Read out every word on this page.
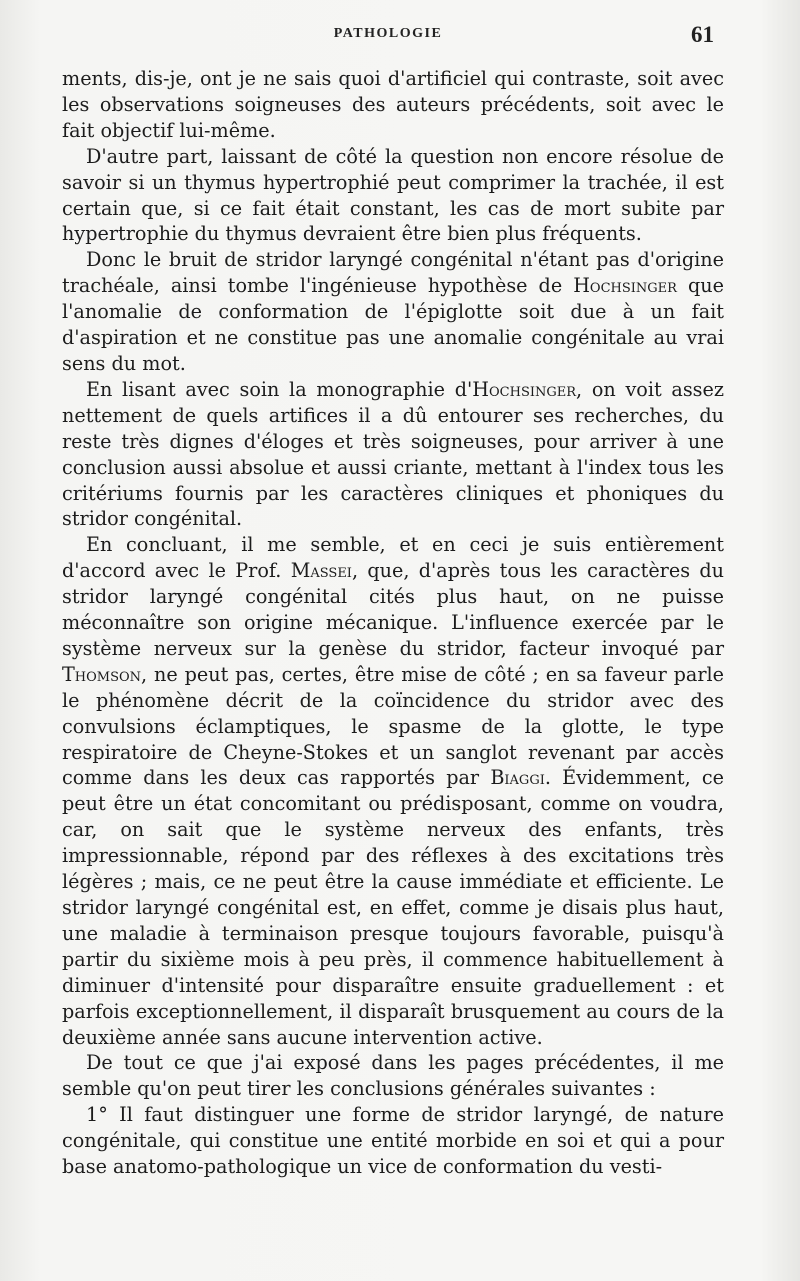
PATHOLOGIE	61

ments, dis-je, ont je ne sais quoi d'artificiel qui contraste, soit avec les observations soigneuses des auteurs précédents, soit avec le fait objectif lui-même.

D'autre part, laissant de côté la question non encore résolue de savoir si un thymus hypertrophié peut comprimer la trachée, il est certain que, si ce fait était constant, les cas de mort subite par hypertrophie du thymus devraient être bien plus fréquents.

Donc le bruit de stridor laryngé congénital n'étant pas d'origine trachéale, ainsi tombe l'ingénieuse hypothèse de Hochsinger que l'anomalie de conformation de l'épiglotte soit due à un fait d'aspiration et ne constitue pas une anomalie congénitale au vrai sens du mot.

En lisant avec soin la monographie d'Hochsinger, on voit assez nettement de quels artifices il a dû entourer ses recherches, du reste très dignes d'éloges et très soigneuses, pour arriver à une conclusion aussi absolue et aussi criante, mettant à l'index tous les critériums fournis par les caractères cliniques et phoniques du stridor congénital.

En concluant, il me semble, et en ceci je suis entièrement d'accord avec le Prof. Massei, que, d'après tous les caractères du stridor laryngé congénital cités plus haut, on ne puisse méconnaître son origine mécanique. L'influence exercée par le système nerveux sur la genèse du stridor, facteur invoqué par Thomson, ne peut pas, certes, être mise de côté ; en sa faveur parle le phénomène décrit de la coïncidence du stridor avec des convulsions éclamptiques, le spasme de la glotte, le type respiratoire de Cheyne-Stokes et un sanglot revenant par accès comme dans les deux cas rapportés par Biaggi. Évidemment, ce peut être un état concomitant ou prédisposant, comme on voudra, car, on sait que le système nerveux des enfants, très impressionnable, répond par des réflexes à des excitations très légères ; mais, ce ne peut être la cause immédiate et efficiente. Le stridor laryngé congénital est, en effet, comme je disais plus haut, une maladie à terminaison presque toujours favorable, puisqu'à partir du sixième mois à peu près, il commence habituellement à diminuer d'intensité pour disparaître ensuite graduellement : et parfois exceptionnellement, il disparaît brusquement au cours de la deuxième année sans aucune intervention active.

De tout ce que j'ai exposé dans les pages précédentes, il me semble qu'on peut tirer les conclusions générales suivantes :

1° Il faut distinguer une forme de stridor laryngé, de nature congénitale, qui constitue une entité morbide en soi et qui a pour base anatomo-pathologique un vice de conformation du vesti-
